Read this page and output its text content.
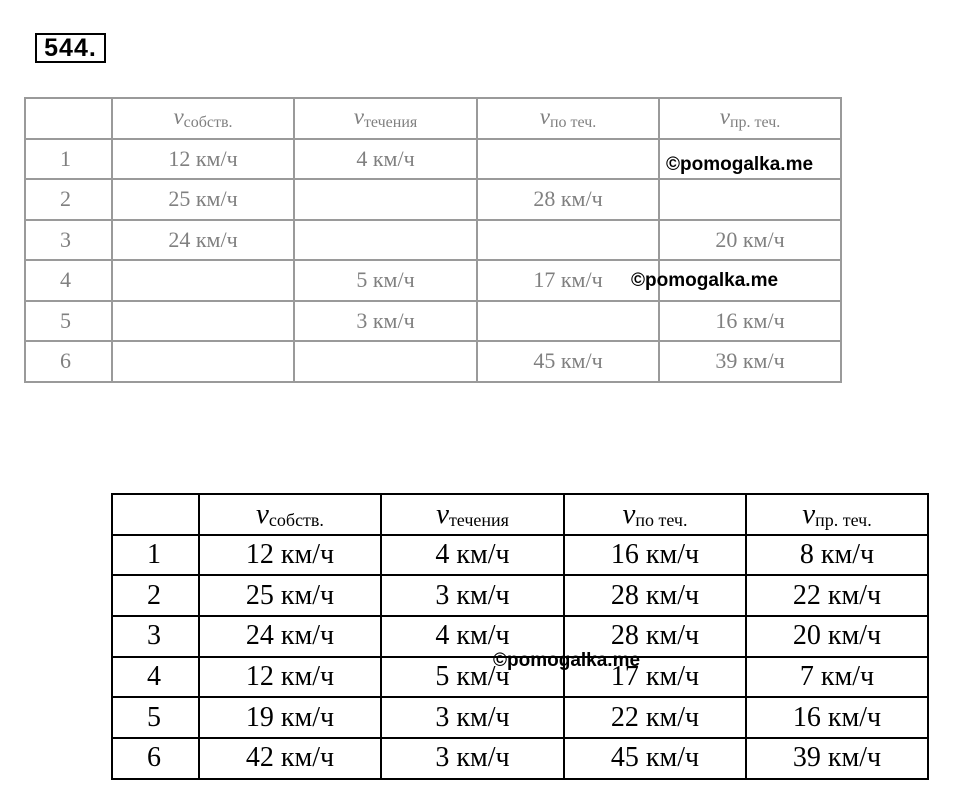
544.
	vсобств.	vтечения	vпо теч.	vпр. теч.
1	12 км/ч	4 км/ч		
2	25 км/ч		28 км/ч	
3	24 км/ч			20 км/ч
4		5 км/ч	17 км/ч	
5		3 км/ч		16 км/ч
6			45 км/ч	39 км/ч
	vсобств.	vтечения	vпо теч.	vпр. теч.
1	12 км/ч	4 км/ч	16 км/ч	8 км/ч
2	25 км/ч	3 км/ч	28 км/ч	22 км/ч
3	24 км/ч	4 км/ч	28 км/ч	20 км/ч
4	12 км/ч	5 км/ч	17 км/ч	7 км/ч
5	19 км/ч	3 км/ч	22 км/ч	16 км/ч
6	42 км/ч	3 км/ч	45 км/ч	39 км/ч
©pomogalka.me
©pomogalka.me
©pomogalka.me
